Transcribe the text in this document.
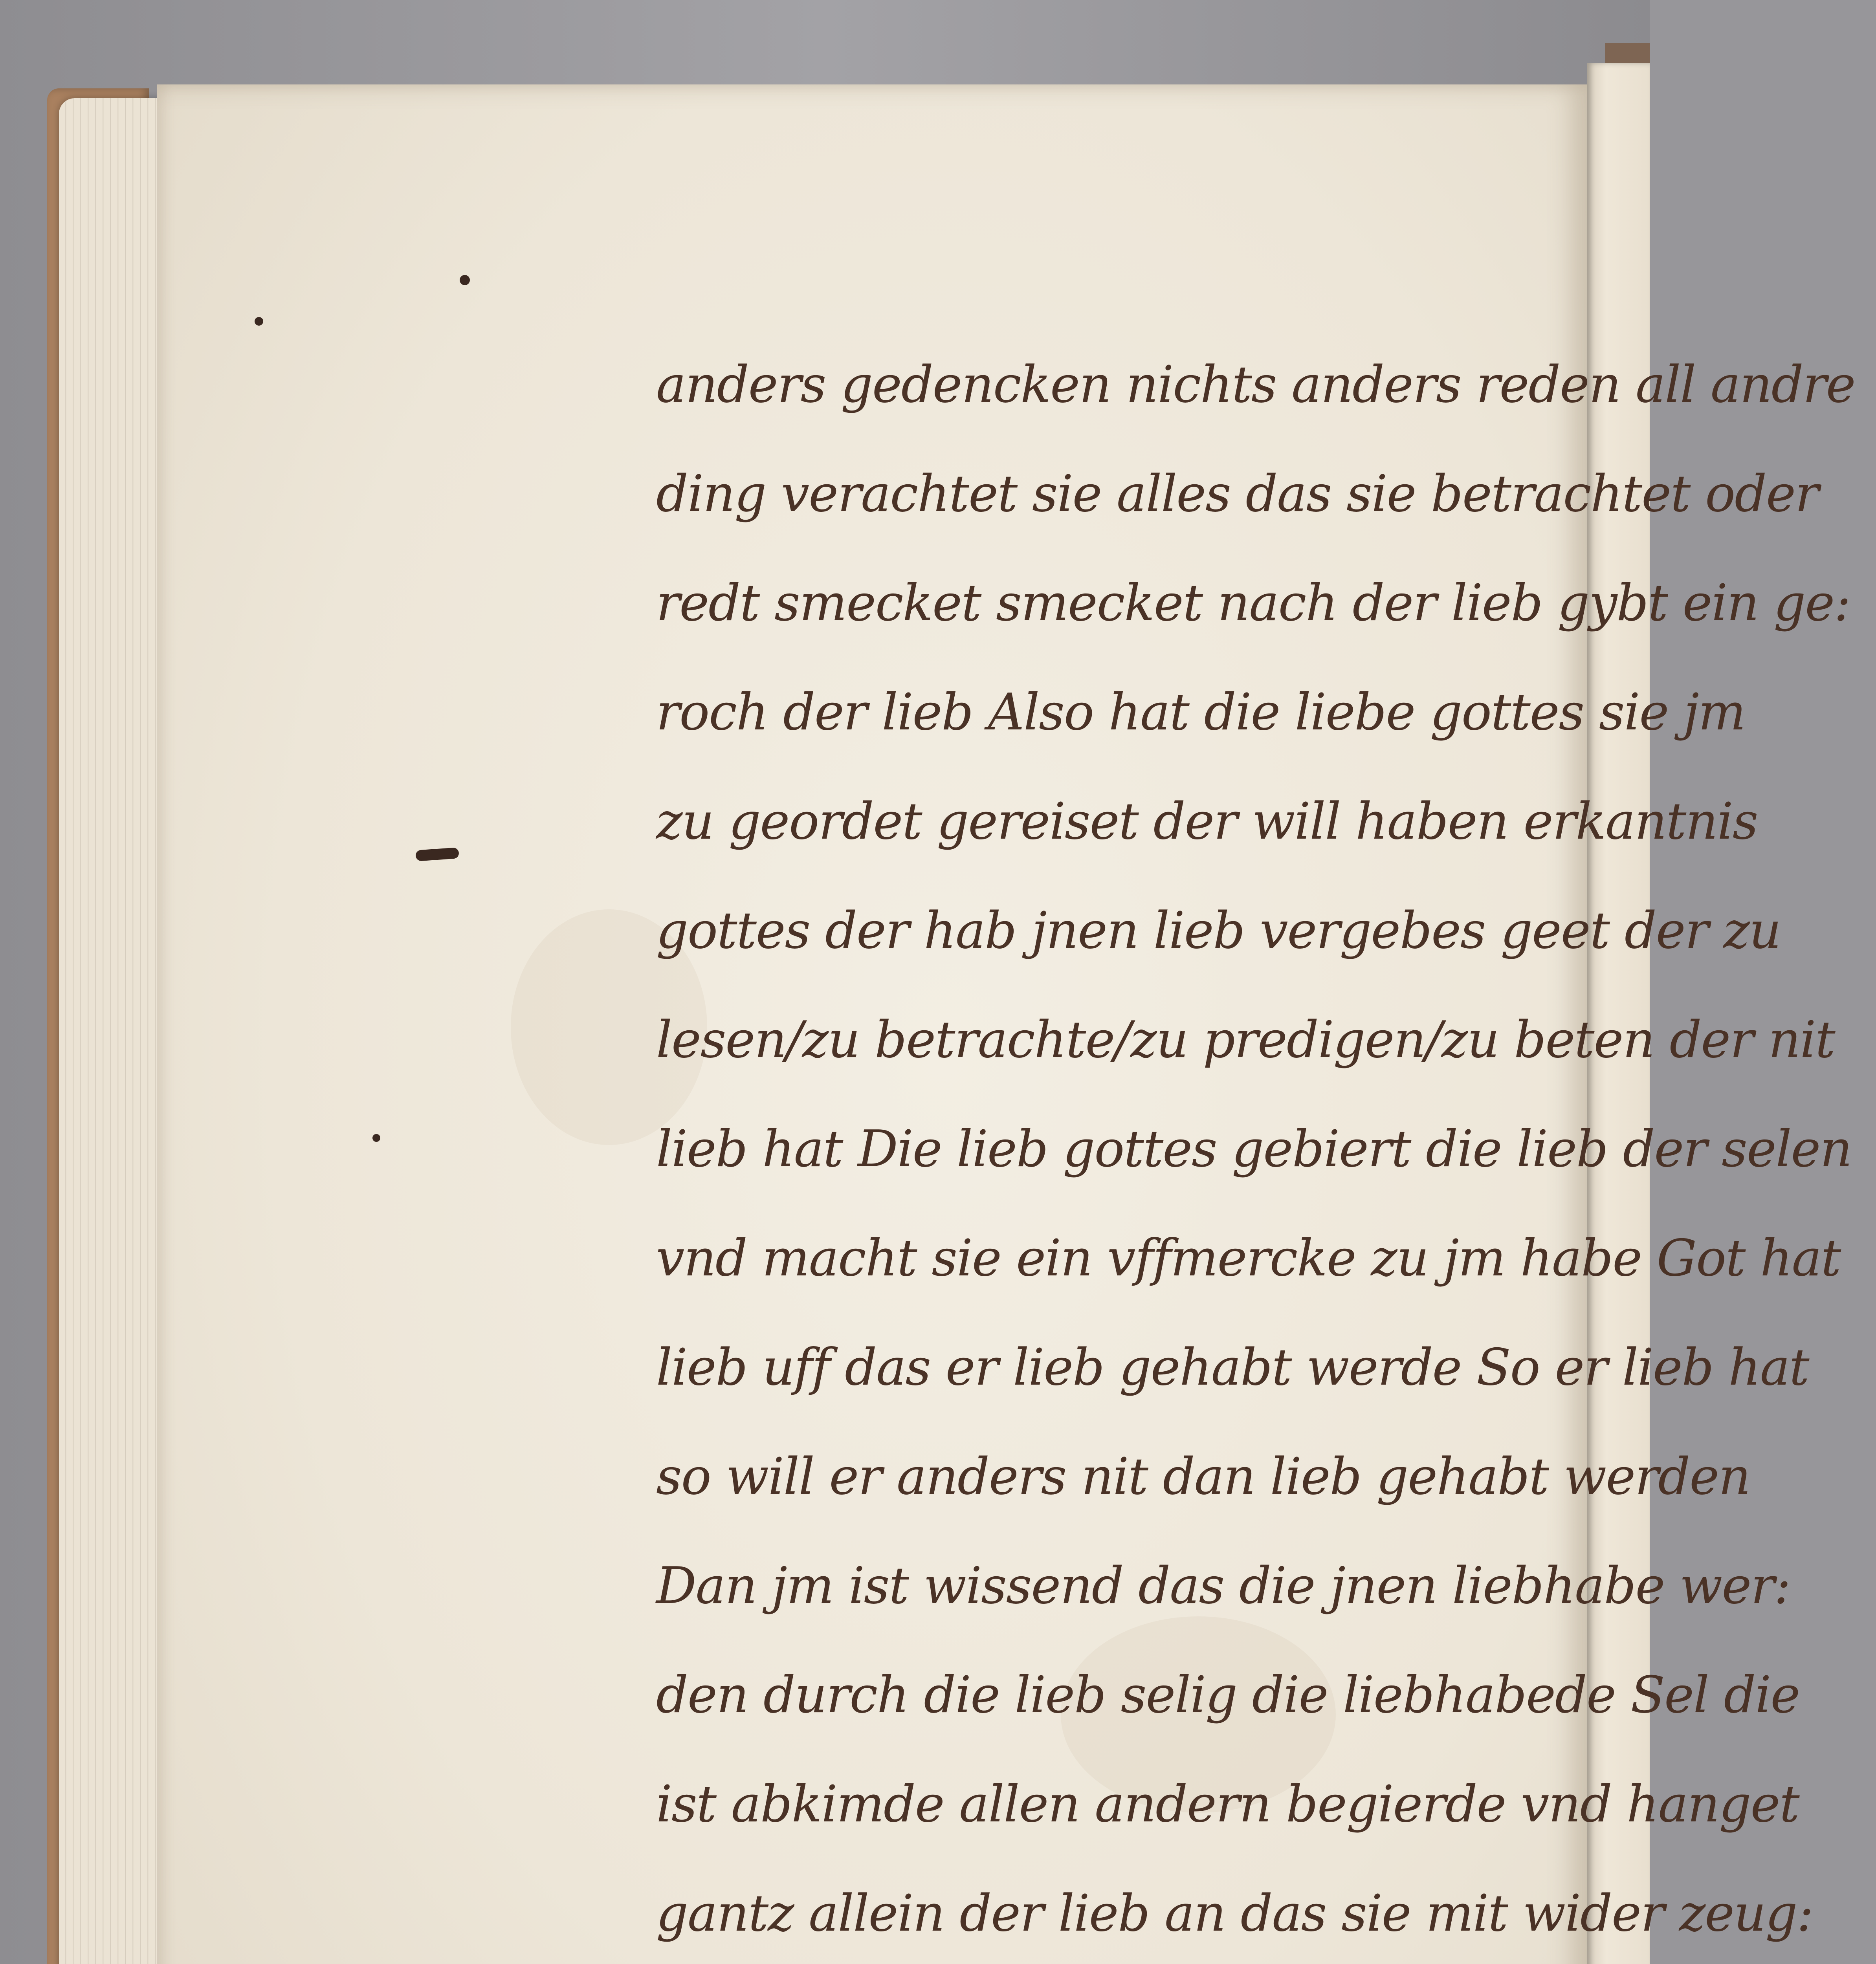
anders gedencken nichts anders reden all andre
ding verachtet sie alles das sie betrachtet oder
redt smecket smecket nach der lieb gybt ein ge:
roch der lieb Also hat die liebe gottes sie jm
zu geordet gereiset der will haben erkantnis
gottes der hab jnen lieb vergebes geet der zu
lesen/zu betrachte/zu predigen/zu beten der nit
lieb hat Die lieb gottes gebiert die lieb der selen
vnd macht sie ein vffmercke zu jm habe Got hat
lieb uff das er lieb gehabt werde So er lieb hat
so will er anders nit dan lieb gehabt werden
Dan jm ist wissend das die jnen liebhabe wer:
den durch die lieb selig die liebhabede Sel die
ist abkimde allen andern begierde vnd hanget
gantz allein der lieb an das sie mit wider zeug:
